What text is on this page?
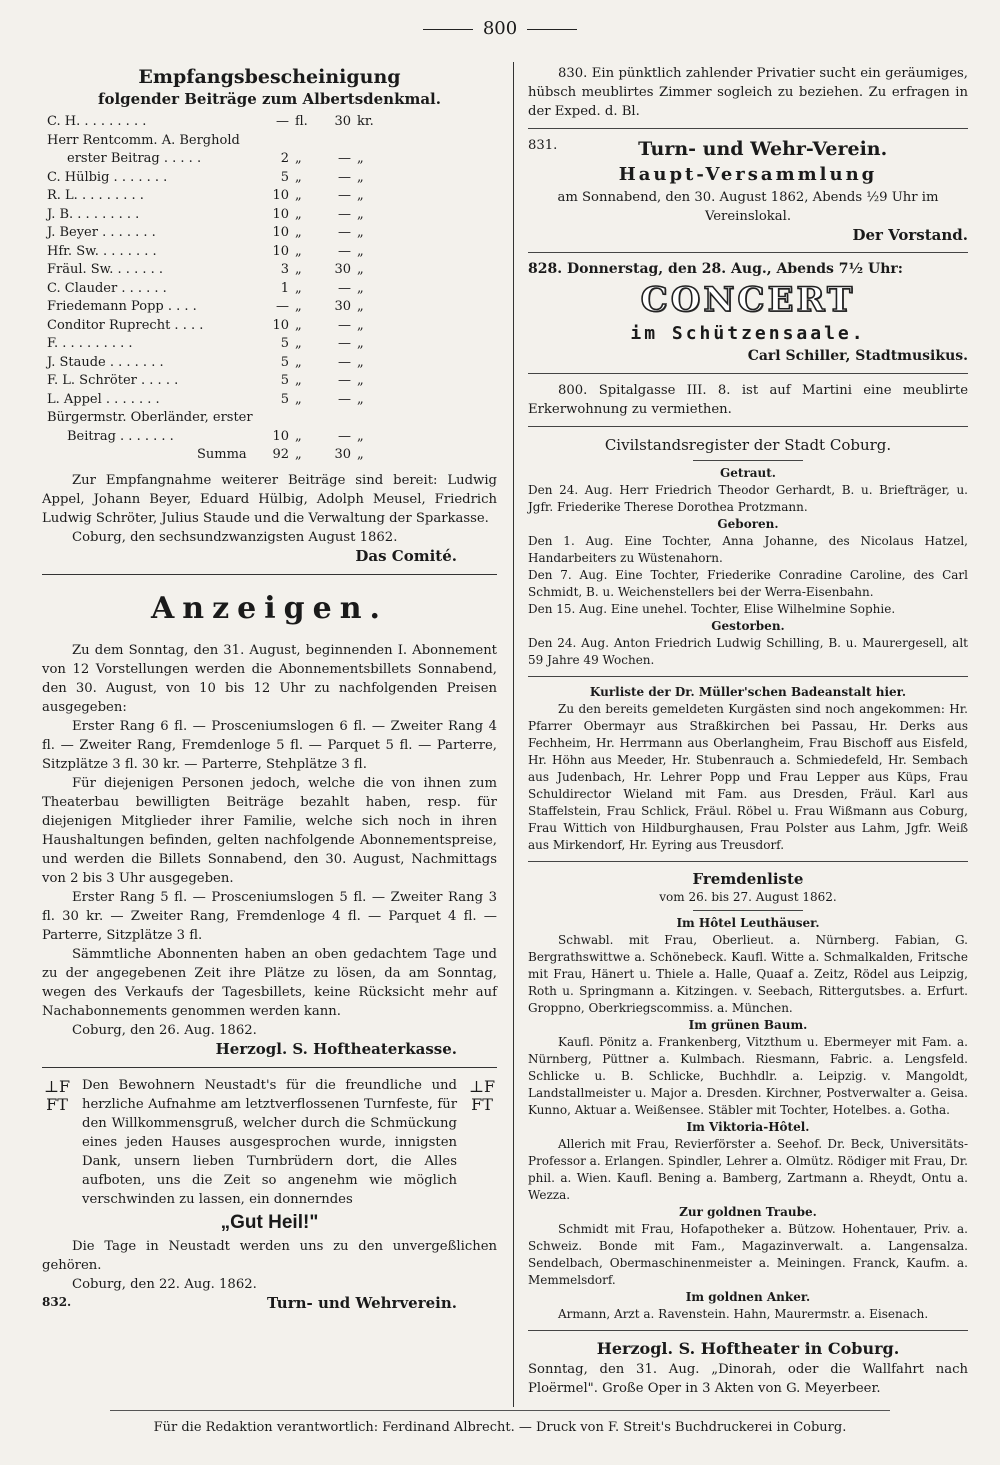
800
Empfangsbescheinigung
folgender Beiträge zum Albertsdenkmal.
C. H. . . . . . . . .	—	fl.	30	kr.
Herr Rentcomm. A. Berghold				
erster Beitrag . . . . .	2	„	—	„
C. Hülbig . . . . . . .	5	„	—	„
R. L. . . . . . . . .	10	„	—	„
J. B. . . . . . . . .	10	„	—	„
J. Beyer . . . . . . .	10	„	—	„
Hfr. Sw. . . . . . . .	10	„	—	„
Fräul. Sw. . . . . . .	3	„	30	„
C. Clauder . . . . . .	1	„	—	„
Friedemann Popp . . . .	—	„	30	„
Conditor Ruprecht . . . .	10	„	—	„
F. . . . . . . . . .	5	„	—	„
J. Staude . . . . . . .	5	„	—	„
F. L. Schröter . . . . .	5	„	—	„
L. Appel . . . . . . .	5	„	—	„
Bürgermstr. Oberländer, erster				
Beitrag . . . . . . .	10	„	—	„
Summa	92	„	30	„

Zur Empfangnahme weiterer Beiträge sind bereit: Ludwig Appel, Johann Beyer, Eduard Hülbig, Adolph Meusel, Friedrich Ludwig Schröter, Julius Staude und die Verwaltung der Sparkasse.

Coburg, den sechsundzwanzigsten August 1862.

Das Comité.
Anzeigen.

Zu dem Sonntag, den 31. August, beginnenden I. Abonnement von 12 Vorstellungen werden die Abonnementsbillets Sonnabend, den 30. August, von 10 bis 12 Uhr zu nachfolgenden Preisen ausgegeben:

Erster Rang 6 fl. — Prosceniumslogen 6 fl. — Zweiter Rang 4 fl. — Zweiter Rang, Fremdenloge 5 fl. — Parquet 5 fl. — Parterre, Sitzplätze 3 fl. 30 kr. — Parterre, Stehplätze 3 fl.

Für diejenigen Personen jedoch, welche die von ihnen zum Theaterbau bewilligten Beiträge bezahlt haben, resp. für diejenigen Mitglieder ihrer Familie, welche sich noch in ihren Haushaltungen befinden, gelten nachfolgende Abonnementspreise, und werden die Billets Sonnabend, den 30. August, Nachmittags von 2 bis 3 Uhr ausgegeben.

Erster Rang 5 fl. — Prosceniumslogen 5 fl. — Zweiter Rang 3 fl. 30 kr. — Zweiter Rang, Fremdenloge 4 fl. — Parquet 4 fl. — Parterre, Sitzplätze 3 fl.

Sämmtliche Abonnenten haben an oben gedachtem Tage und zu der angegebenen Zeit ihre Plätze zu lösen, da am Sonntag, wegen des Verkaufs der Tagesbillets, keine Rücksicht mehr auf Nachabonnements genommen werden kann.

Coburg, den 26. Aug. 1862.

Herzogl. S. Hoftheaterkasse.
⊥F
FT
⊥F
FT

Den Bewohnern Neustadt's für die freundliche und herzliche Aufnahme am letztverflossenen Turnfeste, für den Willkommensgruß, welcher durch die Schmückung eines jeden Hauses ausgesprochen wurde, innigsten Dank, unsern lieben Turnbrüdern dort, die Alles aufboten, uns die Zeit so angenehm wie möglich verschwinden zu lassen, ein donnerndes

„Gut Heil!"

Die Tage in Neustadt werden uns zu den unvergeßlichen gehören.

Coburg, den 22. Aug. 1862.

832.	Turn- und Wehrverein.

830. Ein pünktlich zahlender Privatier sucht ein geräumiges, hübsch meublirtes Zimmer sogleich zu beziehen. Zu erfragen in der Exped. d. Bl.

831.	Turn- und Wehr-Verein.
Haupt-Versammlung

am Sonnabend, den 30. August 1862, Abends ½9 Uhr im Vereinslokal.

Der Vorstand.

828. Donnerstag, den 28. Aug., Abends 7½ Uhr:

CONCERT
im Schützensaale.
Carl Schiller, Stadtmusikus.

800. Spitalgasse III. 8. ist auf Martini eine meublirte Erkerwohnung zu vermiethen.

Civilstandsregister der Stadt Coburg.
Getraut.

Den 24. Aug. Herr Friedrich Theodor Gerhardt, B. u. Briefträger, u. Jgfr. Friederike Therese Dorothea Protzmann.

Geboren.

Den 1. Aug. Eine Tochter, Anna Johanne, des Nicolaus Hatzel, Handarbeiters zu Wüstenahorn.

Den 7. Aug. Eine Tochter, Friederike Conradine Caroline, des Carl Schmidt, B. u. Weichenstellers bei der Werra-Eisenbahn.

Den 15. Aug. Eine unehel. Tochter, Elise Wilhelmine Sophie.

Gestorben.

Den 24. Aug. Anton Friedrich Ludwig Schilling, B. u. Maurergesell, alt 59 Jahre 49 Wochen.

Kurliste der Dr. Müller'schen Badeanstalt hier.

Zu den bereits gemeldeten Kurgästen sind noch angekommen: Hr. Pfarrer Obermayr aus Straßkirchen bei Passau, Hr. Derks aus Fechheim, Hr. Herrmann aus Oberlangheim, Frau Bischoff aus Eisfeld, Hr. Höhn aus Meeder, Hr. Stubenrauch a. Schmiedefeld, Hr. Sembach aus Judenbach, Hr. Lehrer Popp und Frau Lepper aus Küps, Frau Schuldirector Wieland mit Fam. aus Dresden, Fräul. Karl aus Staffelstein, Frau Schlick, Fräul. Röbel u. Frau Wißmann aus Coburg, Frau Wittich von Hildburghausen, Frau Polster aus Lahm, Jgfr. Weiß aus Mirkendorf, Hr. Eyring aus Treusdorf.

Fremdenliste
vom 26. bis 27. August 1862.
Im Hôtel Leuthäuser.

Schwabl. mit Frau, Oberlieut. a. Nürnberg. Fabian, G. Bergrathswittwe a. Schönebeck. Kaufl. Witte a. Schmalkalden, Fritsche mit Frau, Hänert u. Thiele a. Halle, Quaaf a. Zeitz, Rödel aus Leipzig, Roth u. Springmann a. Kitzingen. v. Seebach, Rittergutsbes. a. Erfurt. Groppno, Oberkriegscommiss. a. München.

Im grünen Baum.

Kaufl. Pönitz a. Frankenberg, Vitzthum u. Ebermeyer mit Fam. a. Nürnberg, Püttner a. Kulmbach. Riesmann, Fabric. a. Lengsfeld. Schlicke u. B. Schlicke, Buchhdlr. a. Leipzig. v. Mangoldt, Landstallmeister u. Major a. Dresden. Kirchner, Postverwalter a. Geisa. Kunno, Aktuar a. Weißensee. Stäbler mit Tochter, Hotelbes. a. Gotha.

Im Viktoria-Hôtel.

Allerich mit Frau, Revierförster a. Seehof. Dr. Beck, Universitäts-Professor a. Erlangen. Spindler, Lehrer a. Olmütz. Rödiger mit Frau, Dr. phil. a. Wien. Kaufl. Bening a. Bamberg, Zartmann a. Rheydt, Ontu a. Wezza.

Zur goldnen Traube.

Schmidt mit Frau, Hofapotheker a. Bützow. Hohentauer, Priv. a. Schweiz. Bonde mit Fam., Magazinverwalt. a. Langensalza. Sendelbach, Obermaschinenmeister a. Meiningen. Franck, Kaufm. a. Memmelsdorf.

Im goldnen Anker.

Armann, Arzt a. Ravenstein. Hahn, Maurermstr. a. Eisenach.

Herzogl. S. Hoftheater in Coburg.

Sonntag, den 31. Aug. „Dinorah, oder die Wallfahrt nach Ploërmel". Große Oper in 3 Akten von G. Meyerbeer.

Für die Redaktion verantwortlich: Ferdinand Albrecht. — Druck von F. Streit's Buchdruckerei in Coburg.
